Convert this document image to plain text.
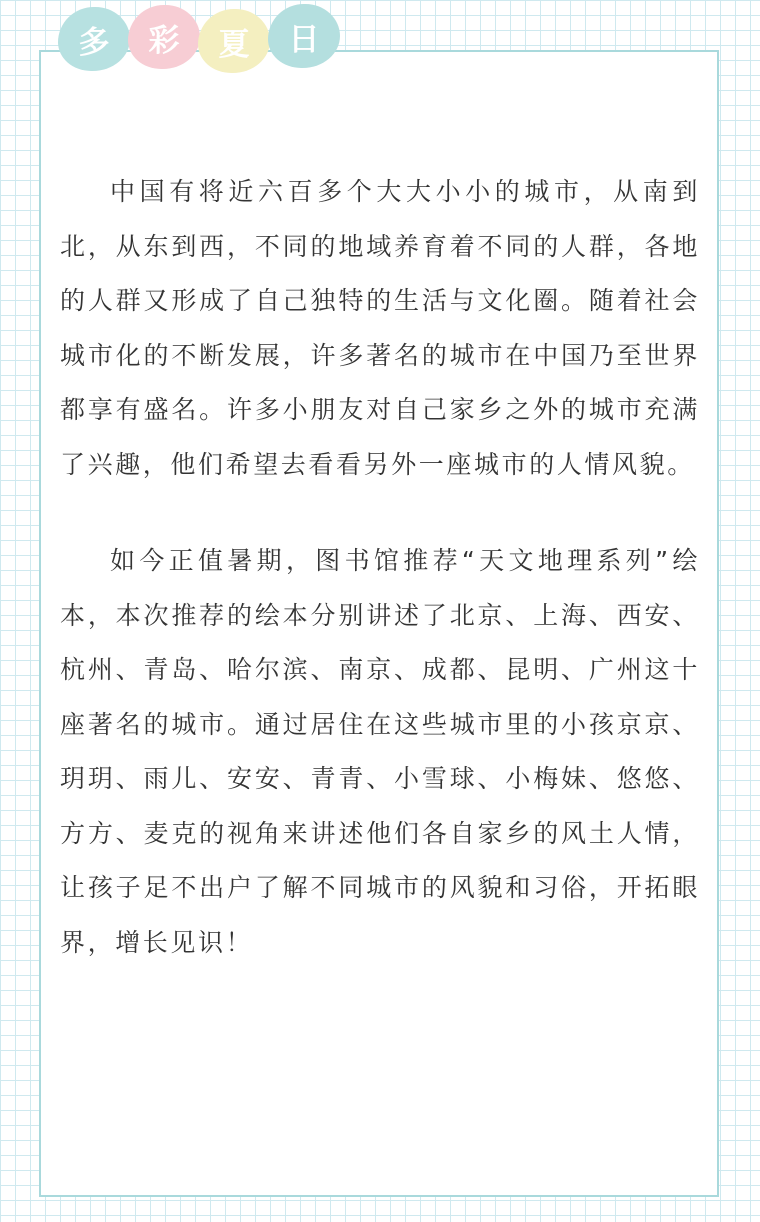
多	彩	夏	日

中国有将近六百多个大大小小的城市，从南到北，从东到西，不同的地域养育着不同的人群，各地的人群又形成了自己独特的生活与文化圈。随着社会城市化的不断发展，许多著名的城市在中国乃至世界都享有盛名。许多小朋友对自己家乡之外的城市充满了兴趣，他们希望去看看另外一座城市的人情风貌。

如今正值暑期，图书馆推荐“天文地理系列”绘本，本次推荐的绘本分别讲述了北京、上海、西安、杭州、青岛、哈尔滨、南京、成都、昆明、广州这十座著名的城市。通过居住在这些城市里的小孩京京、玥玥、雨儿、安安、青青、小雪球、小梅妹、悠悠、方方、麦克的视角来讲述他们各自家乡的风土人情，让孩子足不出户了解不同城市的风貌和习俗，开拓眼界，增长见识！
